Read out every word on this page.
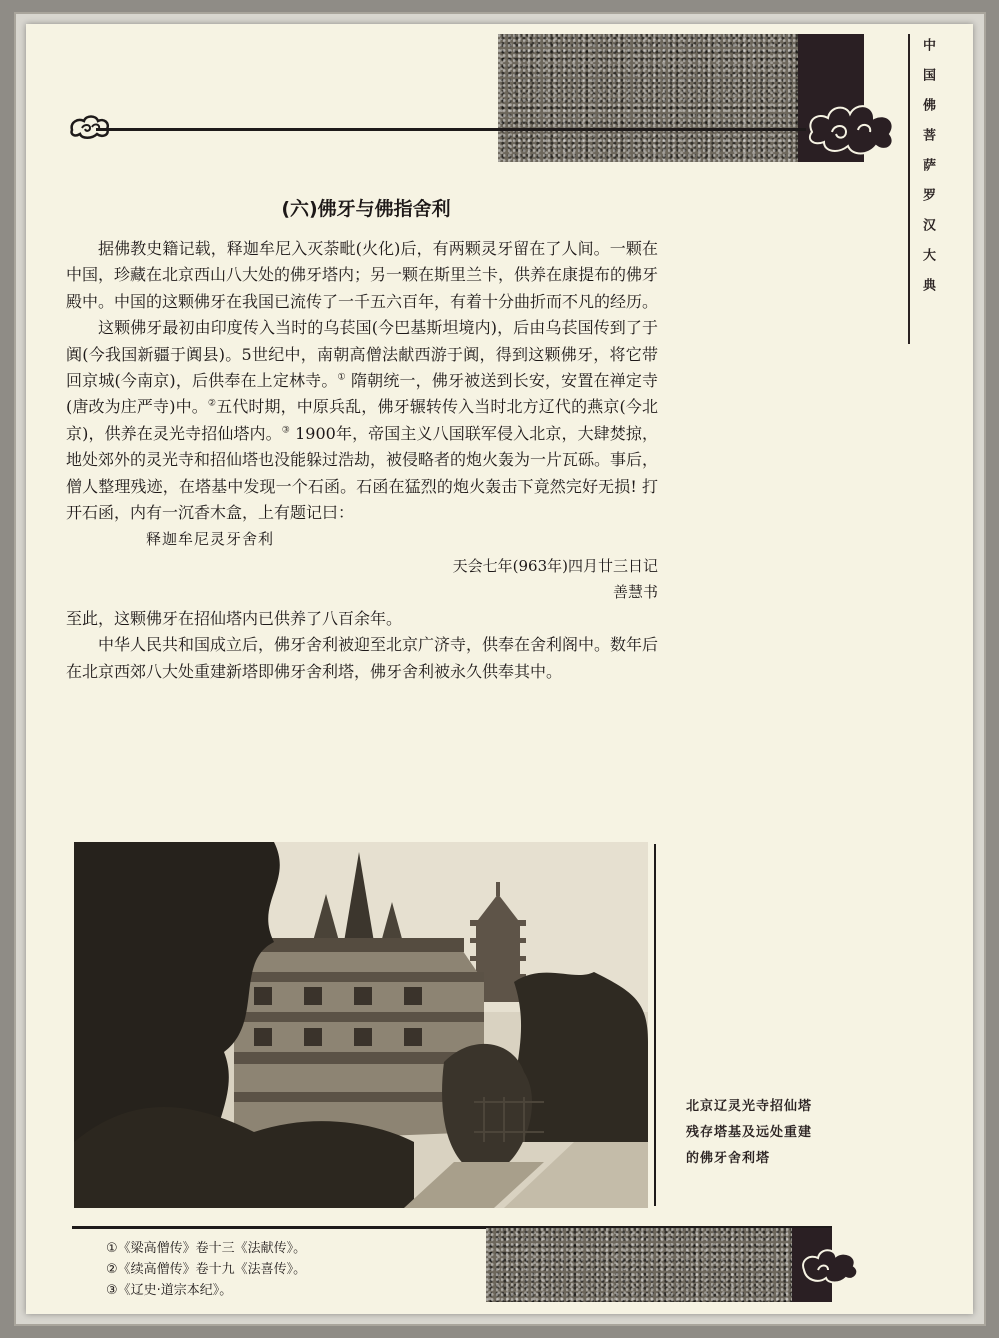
中国佛菩萨罗汉大典
(六)佛牙与佛指舍利

据佛教史籍记载，释迦牟尼入灭荼毗(火化)后，有两颗灵牙留在了人间。一颗在中国，珍藏在北京西山八大处的佛牙塔内；另一颗在斯里兰卡，供养在康提布的佛牙殿中。中国的这颗佛牙在我国已流传了一千五六百年，有着十分曲折而不凡的经历。

这颗佛牙最初由印度传入当时的乌苌国(今巴基斯坦境内)，后由乌苌国传到了于阗(今我国新疆于阗县)。5世纪中，南朝高僧法献西游于阗，得到这颗佛牙，将它带回京城(今南京)，后供奉在上定林寺。① 隋朝统一，佛牙被送到长安，安置在禅定寺(唐改为庄严寺)中。②五代时期，中原兵乱，佛牙辗转传入当时北方辽代的燕京(今北京)，供养在灵光寺招仙塔内。③ 1900年，帝国主义八国联军侵入北京，大肆焚掠，地处郊外的灵光寺和招仙塔也没能躲过浩劫，被侵略者的炮火轰为一片瓦砾。事后，僧人整理残迹，在塔基中发现一个石函。石函在猛烈的炮火轰击下竟然完好无损! 打开石函，内有一沉香木盒，上有题记曰：

释迦牟尼灵牙舍利

天会七年(963年)四月廿三日记

善慧书

至此，这颗佛牙在招仙塔内已供养了八百余年。

中华人民共和国成立后，佛牙舍利被迎至北京广济寺，供奉在舍利阁中。数年后在北京西郊八大处重建新塔即佛牙舍利塔，佛牙舍利被永久供奉其中。

北京辽灵光寺招仙塔残存塔基及远处重建的佛牙舍利塔
①《梁高僧传》卷十三《法献传》。
②《续高僧传》卷十九《法喜传》。
③《辽史·道宗本纪》。
